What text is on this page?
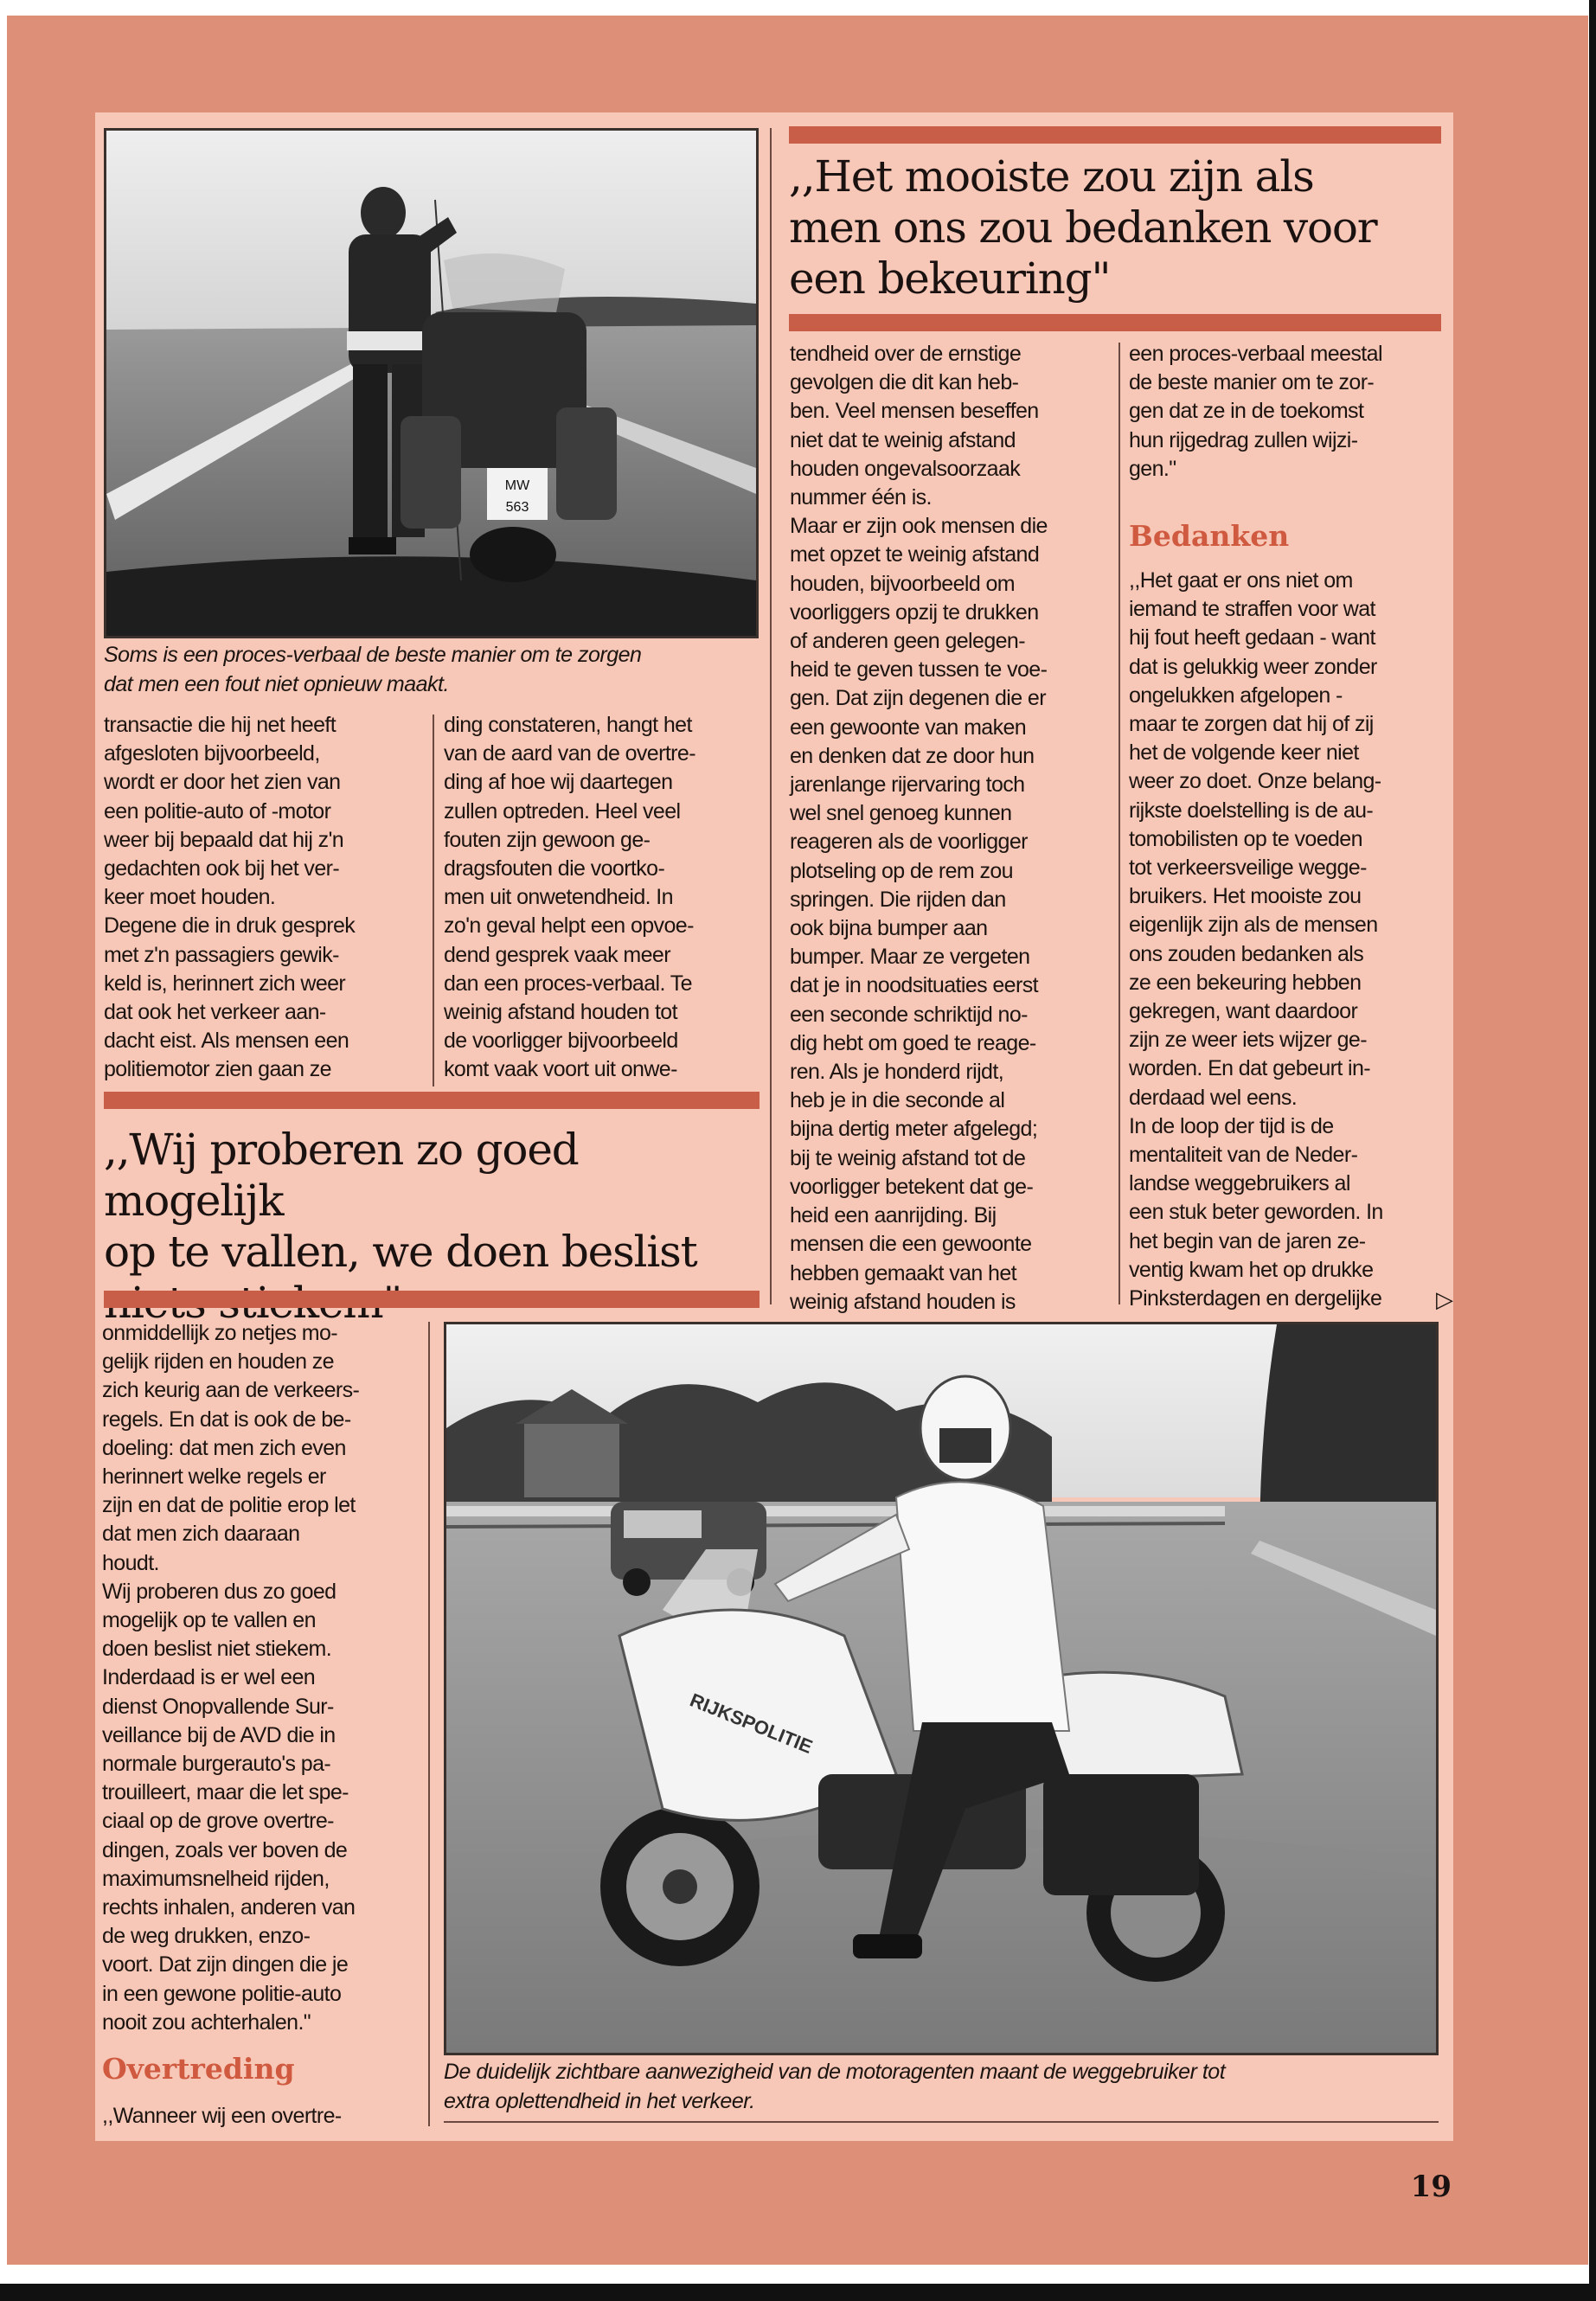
MW
563
Soms is een proces-verbaal de beste manier om te zorgen
dat men een fout niet opnieuw maakt.
transactie die hij net heeft
afgesloten bijvoorbeeld,
wordt er door het zien van
een politie-auto of -motor
weer bij bepaald dat hij z'n
gedachten ook bij het ver-
keer moet houden.
Degene die in druk gesprek
met z'n passagiers gewik-
keld is, herinnert zich weer
dat ook het verkeer aan-
dacht eist. Als mensen een
politiemotor zien gaan ze
ding constateren, hangt het
van de aard van de overtre-
ding af hoe wij daartegen
zullen optreden. Heel veel
fouten zijn gewoon ge-
dragsfouten die voortko-
men uit onwetendheid. In
zo'n geval helpt een opvoe-
dend gesprek vaak meer
dan een proces-verbaal. Te
weinig afstand houden tot
de voorligger bijvoorbeeld
komt vaak voort uit onwe-
,,Wij proberen zo goed mogelijk
op te vallen, we doen beslist

,,Het mooiste zou zijn als
men ons zou bedanken voor
een bekeuring"
tendheid over de ernstige
gevolgen die dit kan heb-
ben. Veel mensen beseffen
niet dat te weinig afstand
houden ongevalsoorzaak
nummer één is.
Maar er zijn ook mensen die
met opzet te weinig afstand
houden, bijvoorbeeld om
voorliggers opzij te drukken
of anderen geen gelegen-
heid te geven tussen te voe-
gen. Dat zijn degenen die er
een gewoonte van maken
en denken dat ze door hun
jarenlange rijervaring toch
wel snel genoeg kunnen
reageren als de voorligger
plotseling op de rem zou
springen. Die rijden dan
ook bijna bumper aan
bumper. Maar ze vergeten
dat je in noodsituaties eerst
een seconde schriktijd no-
dig hebt om goed te reage-
ren. Als je honderd rijdt,
heb je in die seconde al
bijna dertig meter afgelegd;
bij te weinig afstand tot de
voorligger betekent dat ge-
heid een aanrijding. Bij
mensen die een gewoonte
hebben gemaakt van het
weinig afstand houden is
een proces-verbaal meestal
de beste manier om te zor-
gen dat ze in de toekomst
hun rijgedrag zullen wijzi-
gen."
Bedanken
,,Het gaat er ons niet om
iemand te straffen voor wat
hij fout heeft gedaan - want
dat is gelukkig weer zonder
ongelukken afgelopen -
maar te zorgen dat hij of zij
het de volgende keer niet
weer zo doet. Onze belang-
rijkste doelstelling is de au-
tomobilisten op te voeden
tot verkeersveilige wegge-
bruikers. Het mooiste zou
eigenlijk zijn als de mensen
ons zouden bedanken als
ze een bekeuring hebben
gekregen, want daardoor
zijn ze weer iets wijzer ge-
worden. En dat gebeurt in-
derdaad wel eens.
In de loop der tijd is de
mentaliteit van de Neder-
landse weggebruikers al
een stuk beter geworden. In
het begin van de jaren ze-
ventig kwam het op drukke
Pinksterdagen en dergelijke	▷
onmiddellijk zo netjes mo-
gelijk rijden en houden ze
zich keurig aan de verkeers-
regels. En dat is ook de be-
doeling: dat men zich even
herinnert welke regels er
zijn en dat de politie erop let
dat men zich daaraan
houdt.
Wij proberen dus zo goed
mogelijk op te vallen en
doen beslist niet stiekem.
Inderdaad is er wel een
dienst Onopvallende Sur-
veillance bij de AVD die in
normale burgerauto's pa-
trouilleert, maar die let spe-
ciaal op de grove overtre-
dingen, zoals ver boven de
maximumsnelheid rijden,
rechts inhalen, anderen van
de weg drukken, enzo-
voort. Dat zijn dingen die je
in een gewone politie-auto
nooit zou achterhalen."
Overtreding
,,Wanneer wij een overtre-
RIJKSPOLITIE
De duidelijk zichtbare aanwezigheid van de motoragenten maant de weggebruiker tot
extra oplettendheid in het verkeer.
19
